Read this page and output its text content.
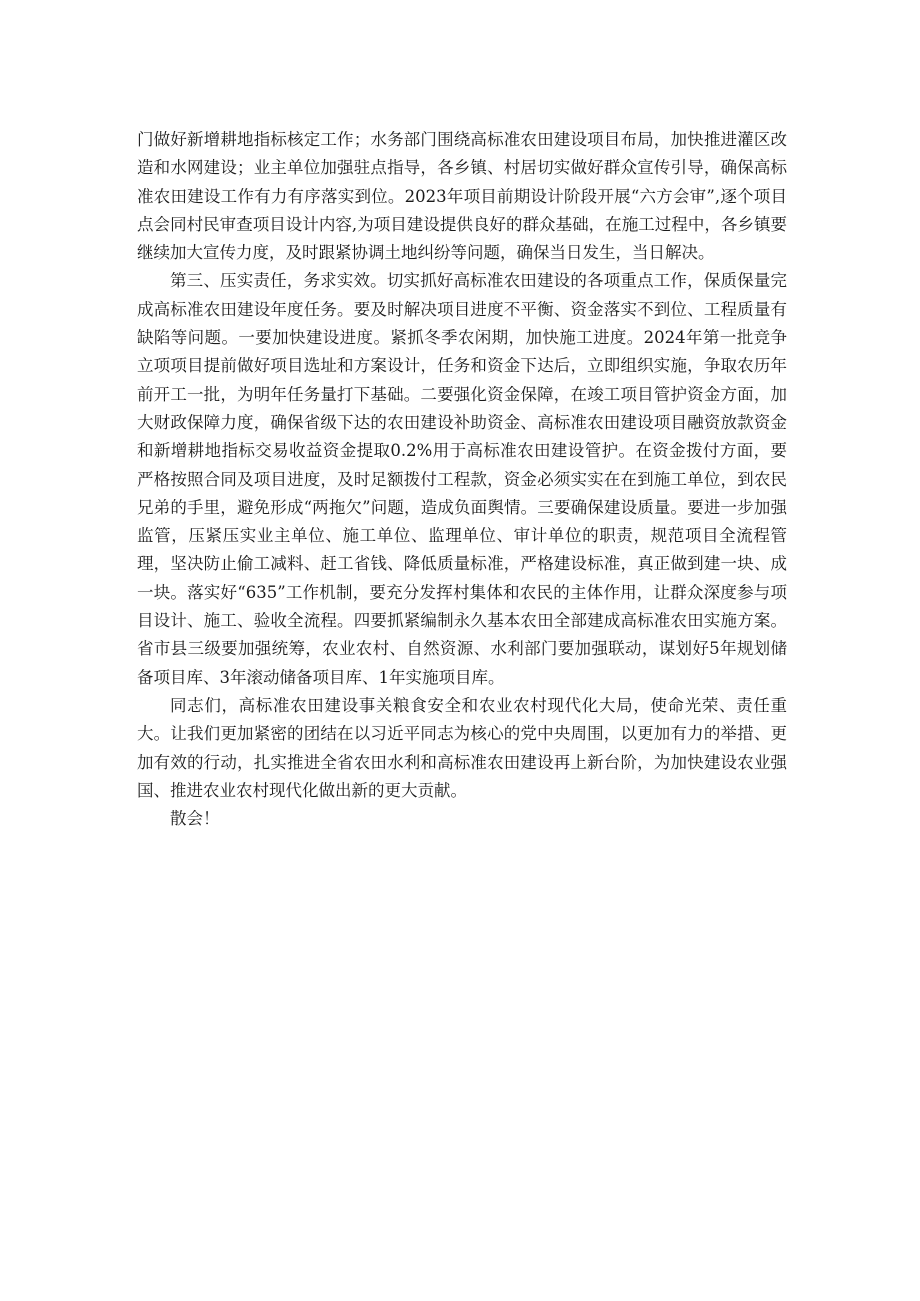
门做好新增耕地指标核定工作；水务部门围绕高标准农田建设项目布局，加快推进灌区改造和水网建设；业主单位加强驻点指导，各乡镇、村居切实做好群众宣传引导，确保高标准农田建设工作有力有序落实到位。2023年项目前期设计阶段开展“六方会审”,逐个项目点会同村民审查项目设计内容,为项目建设提供良好的群众基础，在施工过程中，各乡镇要继续加大宣传力度，及时跟紧协调土地纠纷等问题，确保当日发生，当日解决。

第三、压实责任，务求实效。切实抓好高标准农田建设的各项重点工作，保质保量完成高标准农田建设年度任务。要及时解决项目进度不平衡、资金落实不到位、工程质量有缺陷等问题。一要加快建设进度。紧抓冬季农闲期，加快施工进度。2024年第一批竞争立项项目提前做好项目选址和方案设计，任务和资金下达后，立即组织实施，争取农历年前开工一批，为明年任务量打下基础。二要强化资金保障，在竣工项目管护资金方面，加大财政保障力度，确保省级下达的农田建设补助资金、高标准农田建设项目融资放款资金和新增耕地指标交易收益资金提取0.2%用于高标准农田建设管护。在资金拨付方面，要严格按照合同及项目进度，及时足额拨付工程款，资金必须实实在在到施工单位，到农民兄弟的手里，避免形成“两拖欠”问题，造成负面舆情。三要确保建设质量。要进一步加强监管，压紧压实业主单位、施工单位、监理单位、审计单位的职责，规范项目全流程管理，坚决防止偷工减料、赶工省钱、降低质量标准，严格建设标准，真正做到建一块、成一块。落实好“635”工作机制，要充分发挥村集体和农民的主体作用，让群众深度参与项目设计、施工、验收全流程。四要抓紧编制永久基本农田全部建成高标准农田实施方案。省市县三级要加强统筹，农业农村、自然资源、水利部门要加强联动，谋划好5年规划储备项目库、3年滚动储备项目库、1年实施项目库。

同志们，高标准农田建设事关粮食安全和农业农村现代化大局，使命光荣、责任重大。让我们更加紧密的团结在以习近平同志为核心的党中央周围，以更加有力的举措、更加有效的行动，扎实推进全省农田水利和高标准农田建设再上新台阶，为加快建设农业强国、推进农业农村现代化做出新的更大贡献。

散会！
